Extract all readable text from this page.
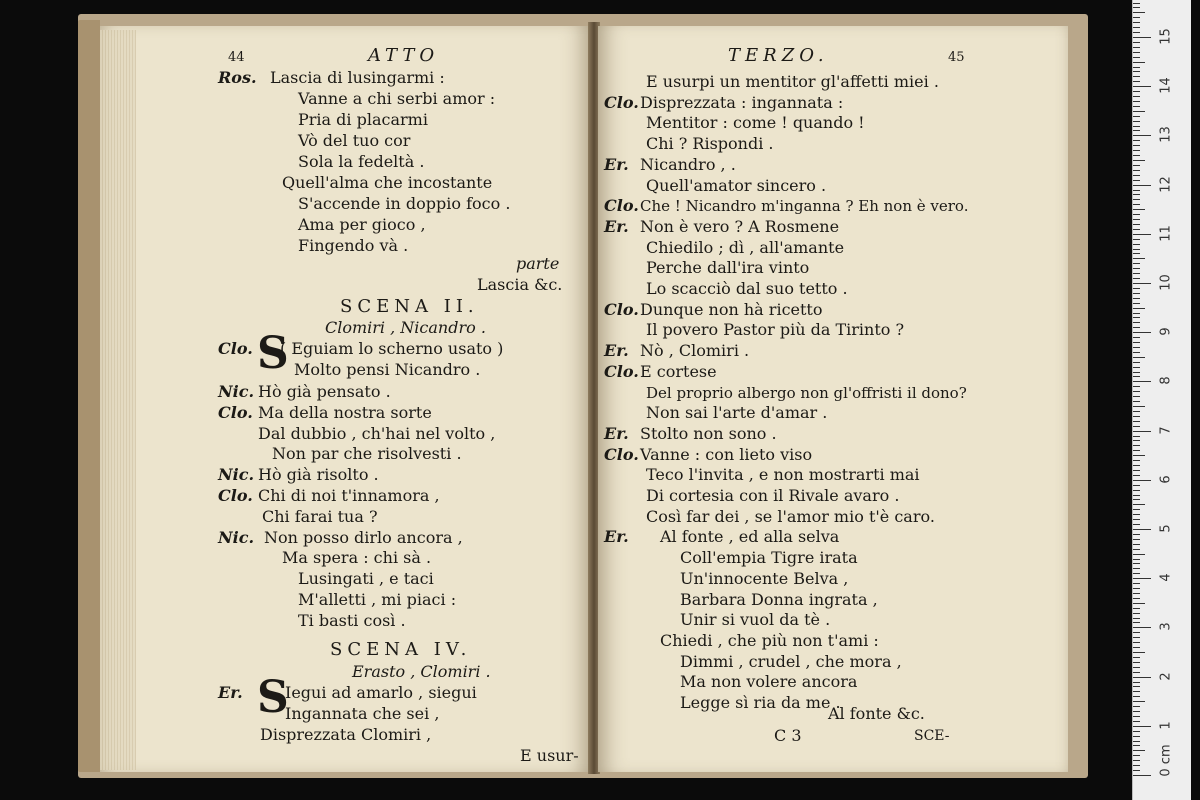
44	ATTO
Ros. Lascia di lusingarmi :
Vanne a chi serbi amor :
Pria di placarmi
Vò del tuo cor
Sola la fedeltà .
Quell'alma che incostante
S'accende in doppio foco .
Ama per gioco ,
Fingendo và .
parte
Lascia &c.
SCENA II.
Clomiri , Nicandro .
Clo. S
( Eguiam lo scherno usato )
Molto pensi Nicandro .
Nic. Hò già pensato .
Clo. Ma della nostra sorte
Dal dubbio , ch'hai nel volto ,
Non par che risolvesti .
Nic. Hò già risolto .
Clo. Chi di noi t'innamora ,
Chi farai tua ?
Nic. Non posso dirlo ancora ,
Ma spera : chi sà .
Lusingati , e taci
M'alletti , mi piaci :
Ti basti così .
SCENA IV.
Erasto , Clomiri .
Er. S
Iegui ad amarlo , siegui
Ingannata che sei ,
Disprezzata Clomiri ,
E usur-
TERZO.	45
E usurpi un mentitor gl'affetti miei .
Clo. Disprezzata : ingannata :
Mentitor : come ! quando !
Chi ? Rispondi .
Er. Nicandro , .
Quell'amator sincero .
Clo. Che ! Nicandro m'inganna ? Eh non è vero.
Er. Non è vero ? A Rosmene
Chiedilo ; dì , all'amante
Perche dall'ira vinto
Lo scacciò dal suo tetto .
Clo. Dunque non hà ricetto
Il povero Pastor più da Tirinto ?
Er. Nò , Clomiri .
Clo. E cortese
Del proprio albergo non gl'offristi il dono?
Non sai l'arte d'amar .
Er. Stolto non sono .
Clo. Vanne : con lieto viso
Teco l'invita , e non mostrarti mai
Di cortesia con il Rivale avaro .
Così far dei , se l'amor mio t'è caro.
Er. Al fonte , ed alla selva
Coll'empia Tigre irata
Un'innocente Belva ,
Barbara Donna ingrata ,
Unir si vuol da tè .
Chiedi , che più non t'ami :
Dimmi , crudel , che mora ,
Ma non volere ancora
Legge sì ria da me .
Al fonte &c.
C 3	SCE-
0 cm
1
2
3
4
5
6
7
8
9
10
11
12
13
14
15
